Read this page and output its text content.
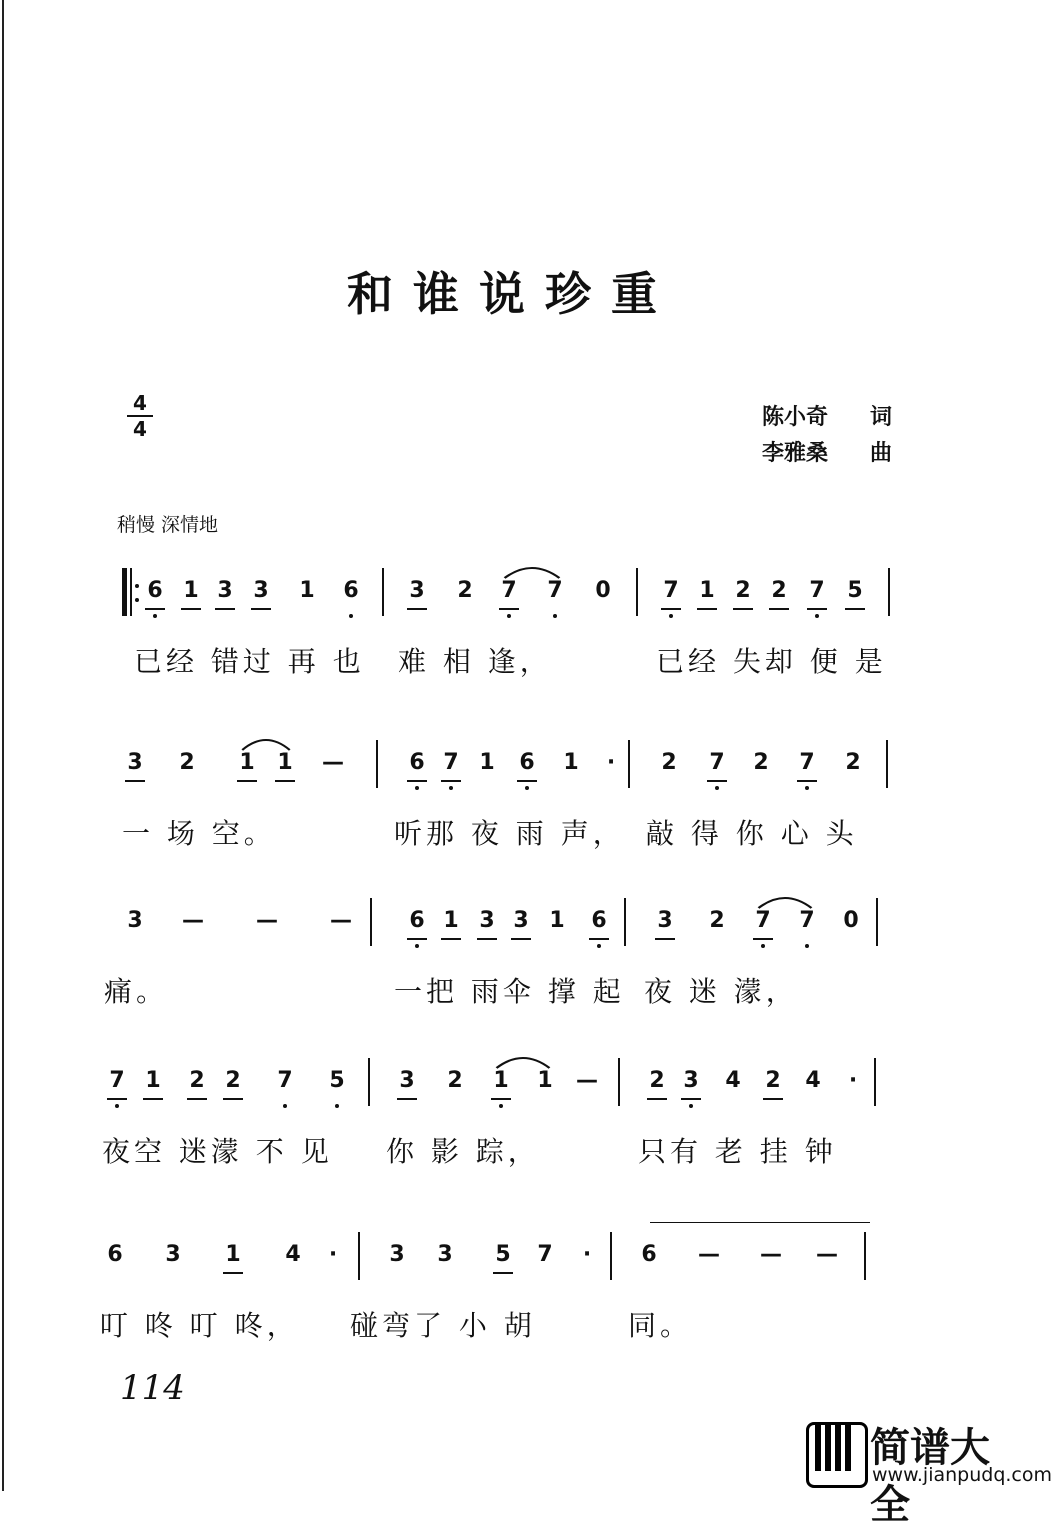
和谁说珍重
4
4	陈小奇	词
李雅桑	曲
稍慢 深情地
6 1 3 3 1 6 3 2 7 7 0 7 1 2 2 7 5
已经 错过 再 也 难 相 逢，	已经 失却 便 是
3 2 1 1 —	6 7 1 6 1	·	2 7 2 7 2
一 场 空。	听那 夜 雨 声， 敲 得 你 心 头
3 — — —	6 1 3 3 1 6 3 2 7 7 0
痛。	一把 雨伞 撑 起 夜 迷 濛，
7 1 2 2 7 5 3 2 1 1 — 2 3 4 2 4	·
夜空 迷濛 不 见 你 影 踪，	只有 老 挂 钟
6 3 1 4	·	3 3 5 7	·	6 — — —
叮 咚 叮 咚， 碰弯了 小 胡	同。
114
简谱大全
www.jianpudq.com
